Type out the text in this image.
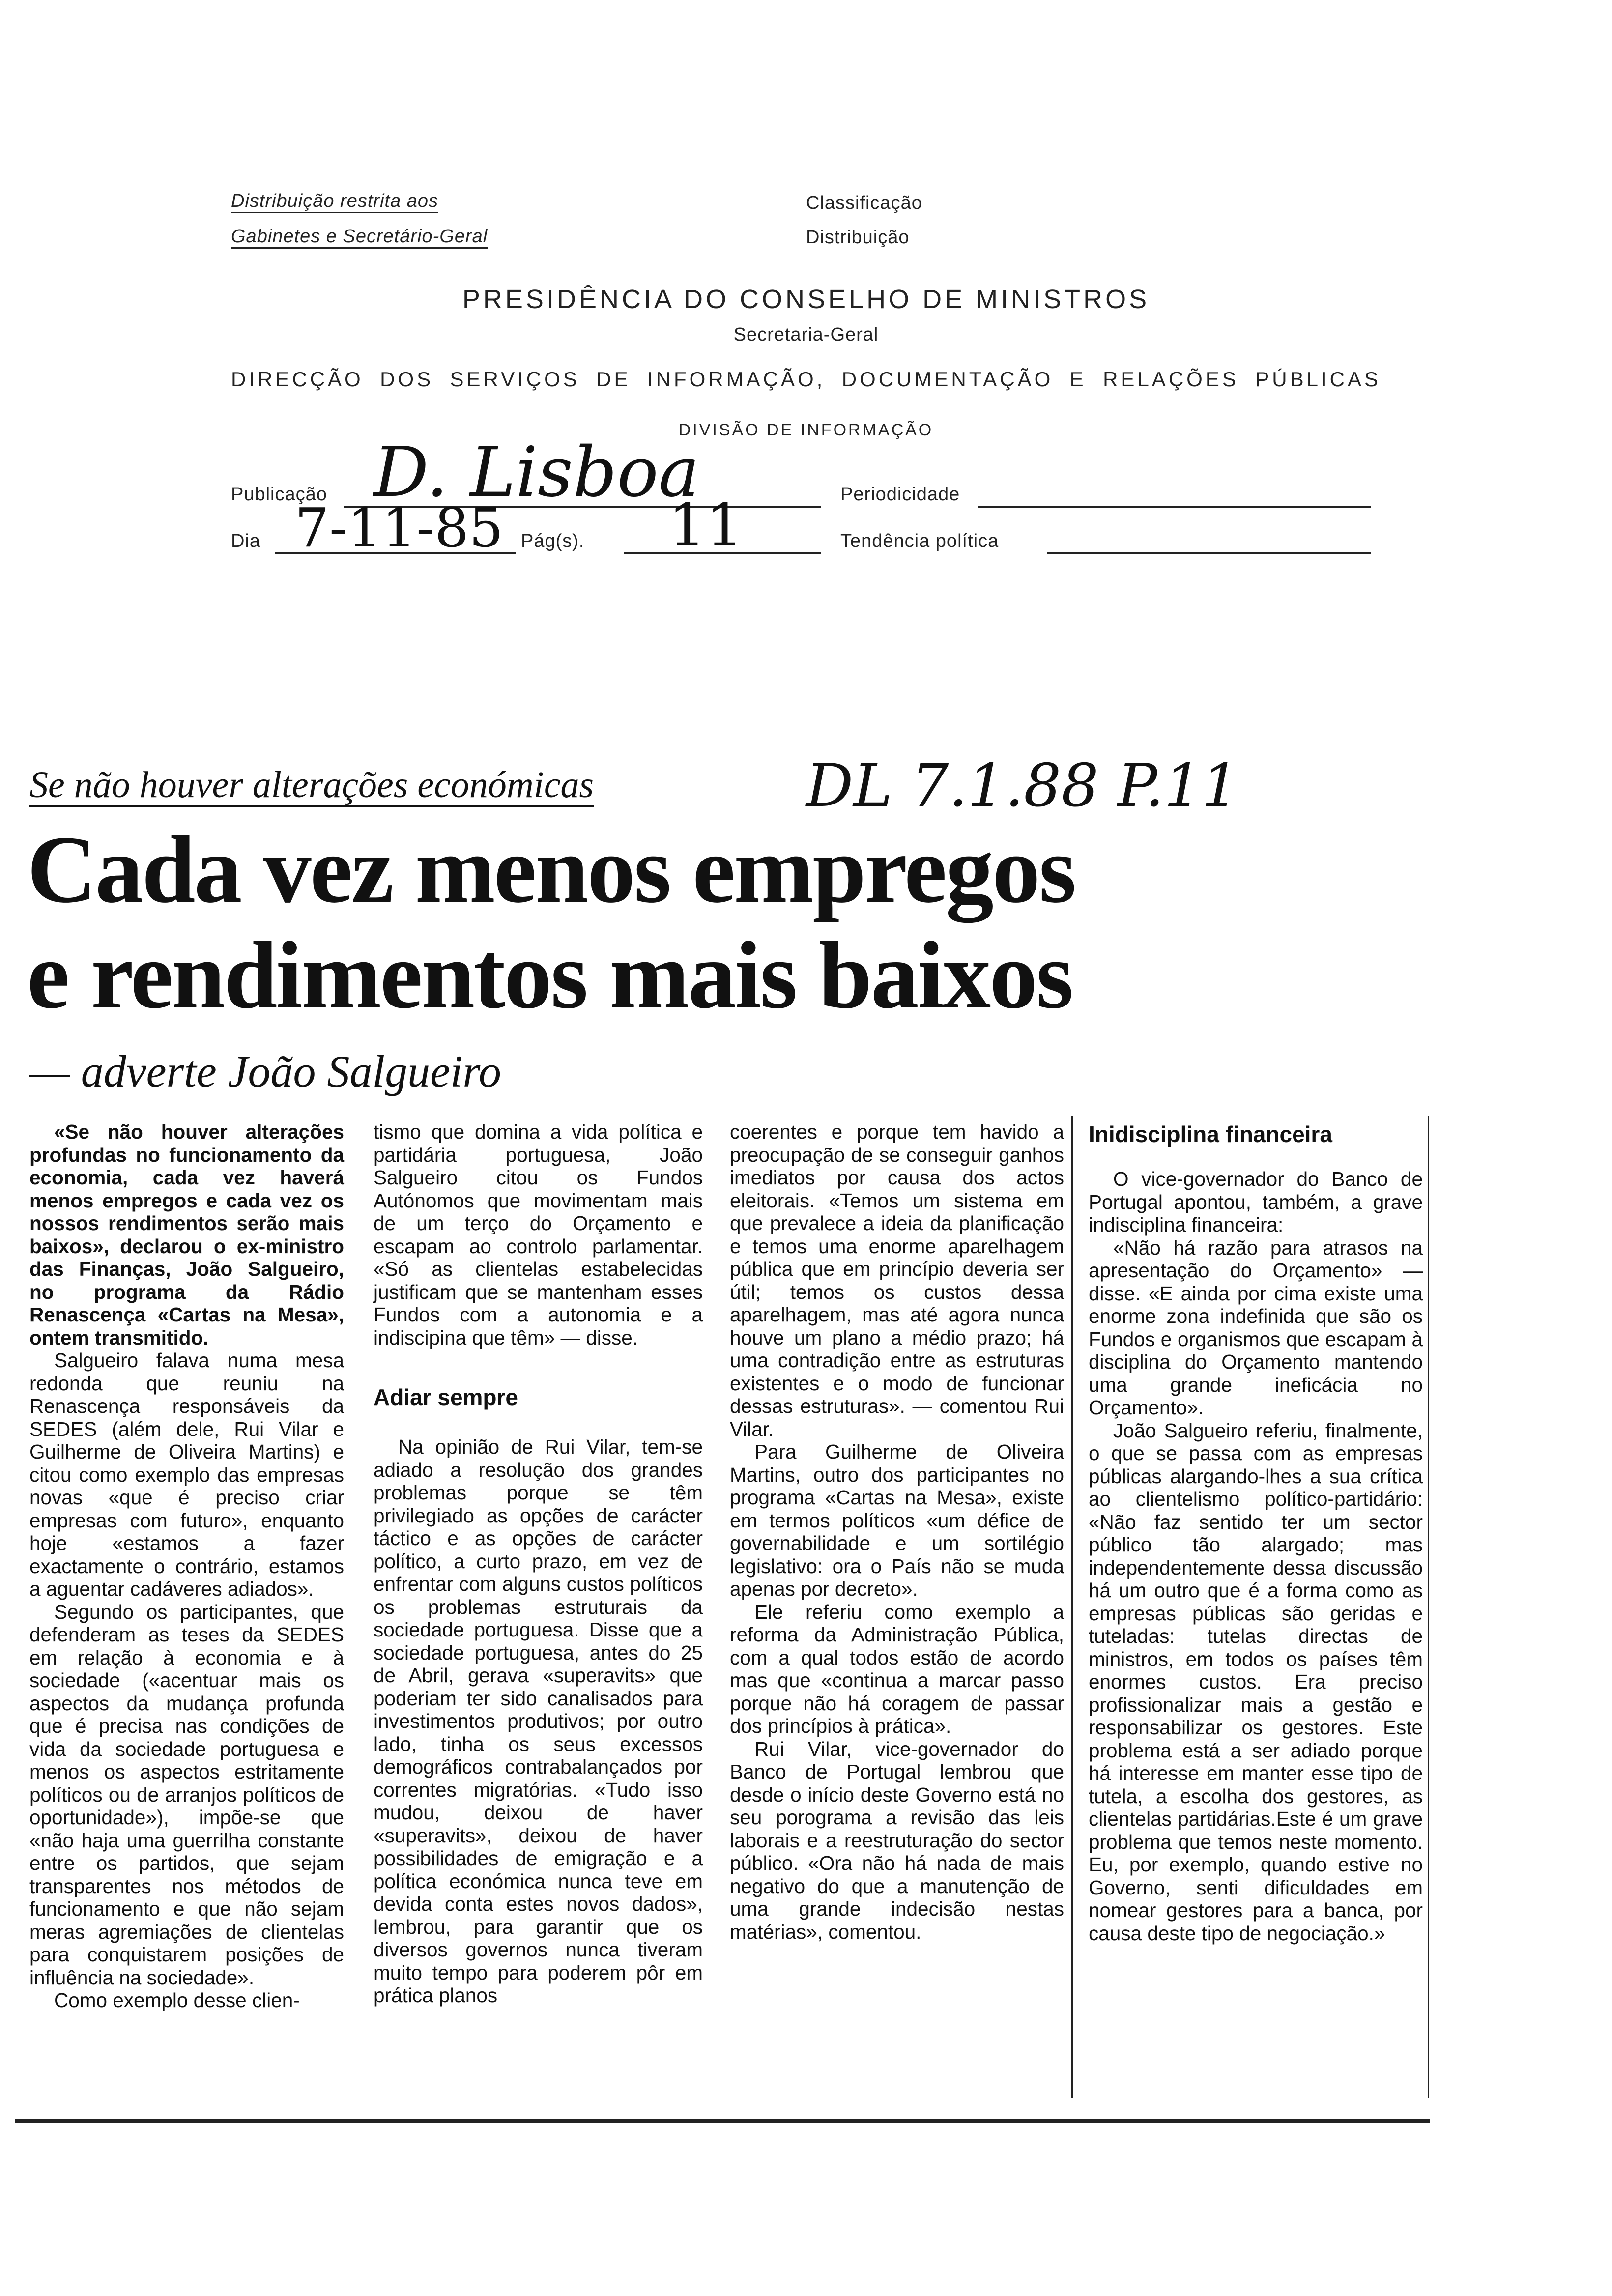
Distribuição restrita aos
Gabinetes e Secretário-Geral
Classificação
Distribuição
PRESIDÊNCIA DO CONSELHO DE MINISTROS
Secretaria-Geral
DIRECÇÃO DOS SERVIÇOS DE INFORMAÇÃO, DOCUMENTAÇÃO E RELAÇÕES PÚBLICAS
DIVISÃO DE INFORMAÇÃO
Publicação D. Lisboa	Periodicidade
Dia 7-11-85 Pág(s). 11	Tendência política
Se não houver alterações económicas	DL 7.1.88 P.11
Cada vez menos empregos
e rendimentos mais baixos
— adverte João Salgueiro

«Se não houver alterações profundas no funcionamento da economia, cada vez haverá menos empregos e cada vez os nossos rendimentos serão mais baixos», declarou o ex-ministro das Finanças, João Salgueiro, no programa da Rádio Renascença «Cartas na Mesa», ontem transmitido.

Salgueiro falava numa mesa redonda que reuniu na Renascença responsáveis da SEDES (além dele, Rui Vilar e Guilherme de Oliveira Martins) e citou como exemplo das empresas novas «que é preciso criar empresas com futuro», enquanto hoje «estamos a fazer exactamente o contrário, estamos a aguentar cadáveres adiados».

Segundo os participantes, que defenderam as teses da SEDES em relação à economia e à sociedade («acentuar mais os aspectos da mudança profunda que é precisa nas condições de vida da sociedade portuguesa e menos os aspectos estritamente políticos ou de arranjos políticos de oportunidade»), impõe-se que «não haja uma guerrilha constante entre os partidos, que sejam transparentes nos métodos de funcionamento e que não sejam meras agremiações de clientelas para conquistarem posições de influência na sociedade».

Como exemplo desse clien-

tismo que domina a vida política e partidária portuguesa, João Salgueiro citou os Fundos Autónomos que movimentam mais de um terço do Orçamento e escapam ao controlo parlamentar. «Só as clientelas estabelecidas justificam que se mantenham esses Fundos com a autonomia e a indiscipina que têm» — disse.

Adiar sempre

Na opinião de Rui Vilar, tem-se adiado a resolução dos grandes problemas porque se têm privilegiado as opções de carácter táctico e as opções de carácter político, a curto prazo, em vez de enfrentar com alguns custos políticos os problemas estruturais da sociedade portuguesa. Disse que a sociedade portuguesa, antes do 25 de Abril, gerava «superavits» que poderiam ter sido canalisados para investimentos produtivos; por outro lado, tinha os seus excessos demográficos contrabalançados por correntes migratórias. «Tudo isso mudou, deixou de haver «superavits», deixou de haver possibilidades de emigração e a política económica nunca teve em devida conta estes novos dados», lembrou, para garantir que os diversos governos nunca tiveram muito tempo para poderem pôr em prática planos

coerentes e porque tem havido a preocupação de se conseguir ganhos imediatos por causa dos actos eleitorais. «Temos um sistema em que prevalece a ideia da planificação e temos uma enorme aparelhagem pública que em princípio deveria ser útil; temos os custos dessa aparelhagem, mas até agora nunca houve um plano a médio prazo; há uma contradição entre as estruturas existentes e o modo de funcionar dessas estruturas». — comentou Rui Vilar.

Para Guilherme de Oliveira Martins, outro dos participantes no programa «Cartas na Mesa», existe em termos políticos «um défice de governabilidade e um sortilégio legislativo: ora o País não se muda apenas por decreto».

Ele referiu como exemplo a reforma da Administração Pública, com a qual todos estão de acordo mas que «continua a marcar passo porque não há coragem de passar dos princípios à prática».

Rui Vilar, vice-governador do Banco de Portugal lembrou que desde o início deste Governo está no seu porograma a revisão das leis laborais e a reestruturação do sector público. «Ora não há nada de mais negativo do que a manutenção de uma grande indecisão nestas matérias», comentou.

Inidisciplina financeira

O vice-governador do Banco de Portugal apontou, também, a grave indisciplina financeira:

«Não há razão para atrasos na apresentação do Orçamento» — disse. «E ainda por cima existe uma enorme zona indefinida que são os Fundos e organismos que escapam à disciplina do Orçamento mantendo uma grande ineficácia no Orçamento».

João Salgueiro referiu, finalmente, o que se passa com as empresas públicas alargando-lhes a sua crítica ao clientelismo político-partidário: «Não faz sentido ter um sector público tão alargado; mas independentemente dessa discussão há um outro que é a forma como as empresas públicas são geridas e tuteladas: tutelas directas de ministros, em todos os países têm enormes custos. Era preciso profissionalizar mais a gestão e responsabilizar os gestores. Este problema está a ser adiado porque há interesse em manter esse tipo de tutela, a escolha dos gestores, as clientelas partidárias.Este é um grave problema que temos neste momento. Eu, por exemplo, quando estive no Governo, senti dificuldades em nomear gestores para a banca, por causa deste tipo de negociação.»
